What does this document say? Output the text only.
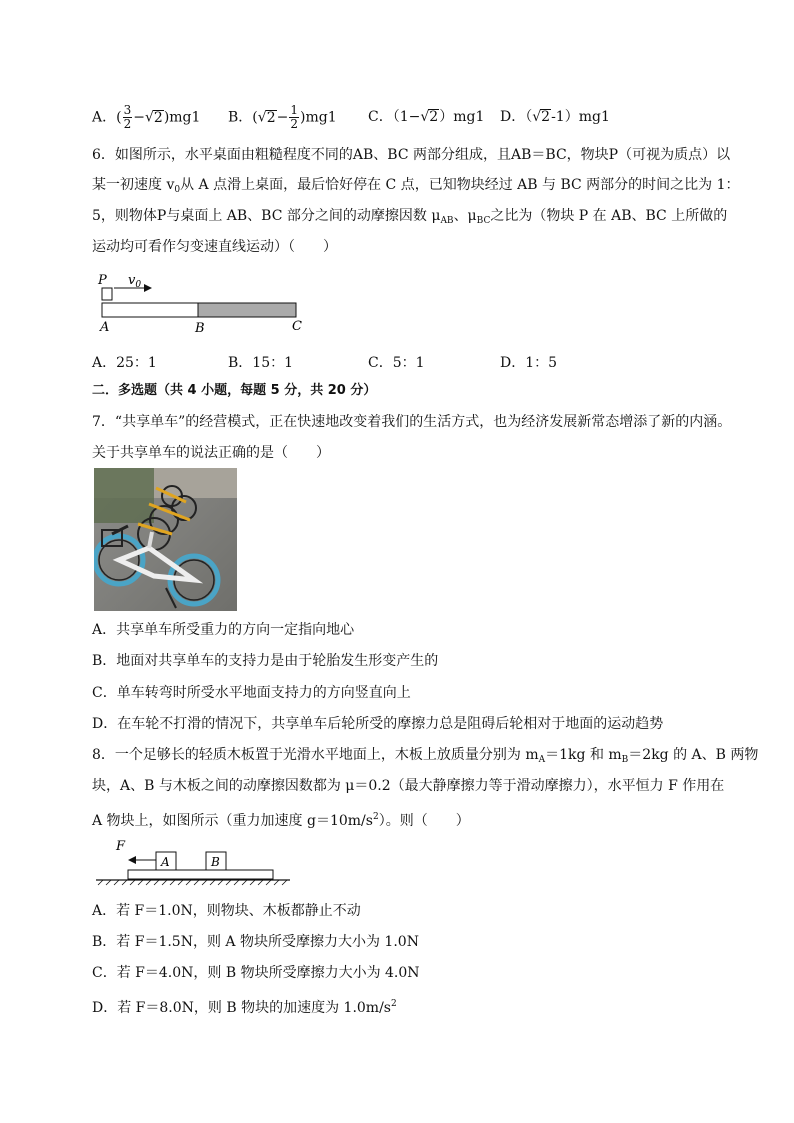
A．( $\frac{3}{2} -√2)mg1$ B．$(√2- \frac{1}{2} )mg1$ C．（1−√2）mg1 D．（√2-1）mg1
6．如图所示，水平桌面由粗糙程度不同的AB、BC 两部分组成，且AB＝BC，物块P（可视为质点）以
某一初速度 $v_0$从 A 点滑上桌面，最后恰好停在 C 点，已知物块经过 AB 与 BC 两部分的时间之比为 1：
5，则物体P与桌面上 AB、BC 部分之间的动摩擦因数 $\mu_{AB}$、$\mu_{BC}$之比为（物块 P 在 AB、BC 上所做的
运动均可看作匀变速直线运动）（　　）
P $v_0$
A	B	C
A．25：1	B．15：1	C．5：1	D．1：5
二．多选题（共 4 小题，每题 5 分，共 20 分）
7．“共享单车”的经营模式，正在快速地改变着我们的生活方式，也为经济发展新常态增添了新的内涵。
关于共享单车的说法正确的是（　　）
A．共享单车所受重力的方向一定指向地心
B．地面对共享单车的支持力是由于轮胎发生形变产生的
C．单车转弯时所受水平地面支持力的方向竖直向上
D．在车轮不打滑的情况下，共享单车后轮所受的摩擦力总是阻碍后轮相对于地面的运动趋势
8．一个足够长的轻质木板置于光滑水平地面上，木板上放质量分别为 $m_A=1kg$ 和 $m_B=2kg$ 的 A、B 两物
块，A、B 与木板之间的动摩擦因数都为 μ＝0.2（最大静摩擦力等于滑动摩擦力），水平恒力 F 作用在
A 物块上，如图所示（重力加速度 $g=10m/s^2$）。则（　　）
F
A	B
A．若 F＝1.0N，则物块、木板都静止不动
B．若 F＝1.5N，则 A 物块所受摩擦力大小为 1.0N
C．若 F＝4.0N，则 B 物块所受摩擦力大小为 4.0N
D．若 F＝8.0N，则 B 物块的加速度为 $1.0m/s^2$
